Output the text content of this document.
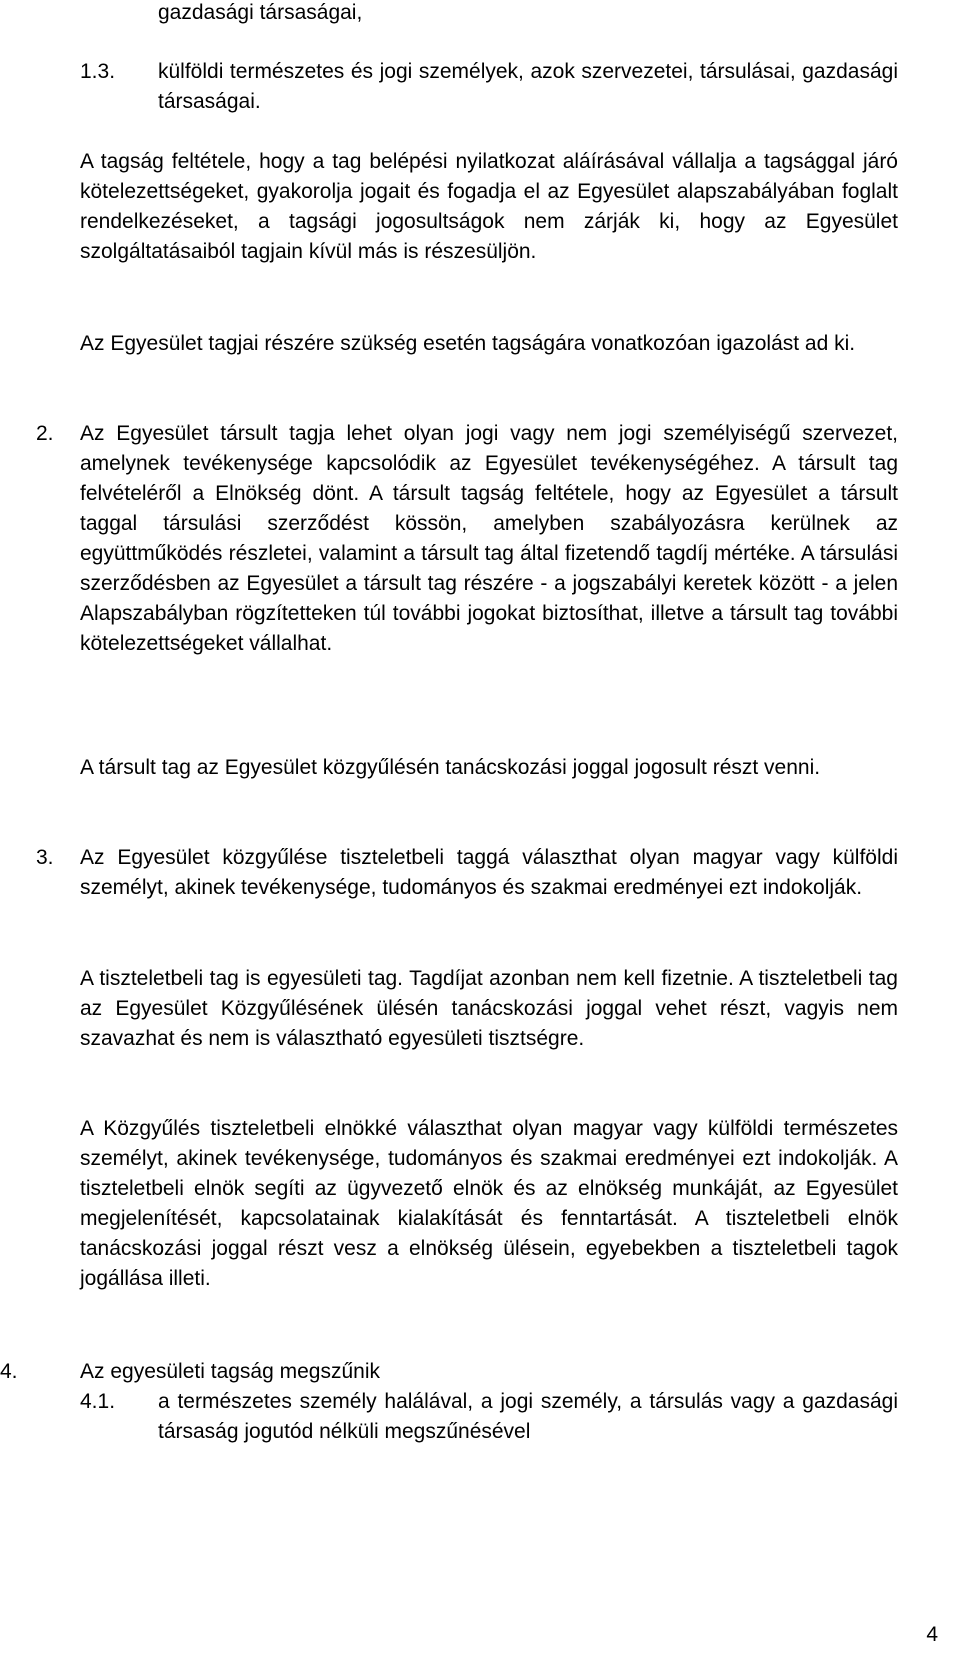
gazdasági társaságai,

1.3. külföldi természetes és jogi személyek, azok szervezetei, társulásai, gazdasági társaságai.

A tagság feltétele, hogy a tag belépési nyilatkozat aláírásával vállalja a tagsággal járó kötelezettségeket, gyakorolja jogait és fogadja el az Egyesület alapszabályában foglalt rendelkezéseket, a tagsági jogosultságok nem zárják ki, hogy az Egyesület szolgáltatásaiból tagjain kívül más is részesüljön.

Az Egyesület tagjai részére szükség esetén tagságára vonatkozóan igazolást ad ki.

2. Az Egyesület társult tagja lehet olyan jogi vagy nem jogi személyiségű szervezet, amelynek tevékenysége kapcsolódik az Egyesület tevékenységéhez. A társult tag felvételéről a Elnökség dönt. A társult tagság feltétele, hogy az Egyesület a társult taggal társulási szerződést kössön, amelyben szabályozásra kerülnek az együttműködés részletei, valamint a társult tag által fizetendő tagdíj mértéke. A társulási szerződésben az Egyesület a társult tag részére - a jogszabályi keretek között - a jelen Alapszabályban rögzítetteken túl további jogokat biztosíthat, illetve a társult tag további kötelezettségeket vállalhat.

A társult tag az Egyesület közgyűlésén tanácskozási joggal jogosult részt venni.

3. Az Egyesület közgyűlése tiszteletbeli taggá választhat olyan magyar vagy külföldi személyt, akinek tevékenysége, tudományos és szakmai eredményei ezt indokolják.

A tiszteletbeli tag is egyesületi tag. Tagdíjat azonban nem kell fizetnie. A tiszteletbeli tag az Egyesület Közgyűlésének ülésén tanácskozási joggal vehet részt, vagyis nem szavazhat és nem is választható egyesületi tisztségre.

A Közgyűlés tiszteletbeli elnökké választhat olyan magyar vagy külföldi természetes személyt, akinek tevékenysége, tudományos és szakmai eredményei ezt indokolják. A tiszteletbeli elnök segíti az ügyvezető elnök és az elnökség munkáját, az Egyesület megjelenítését, kapcsolatainak kialakítását és fenntartását. A tiszteletbeli elnök tanácskozási joggal részt vesz a elnökség ülésein, egyebekben a tiszteletbeli tagok jogállása illeti.

4.	Az egyesületi tagság megszűnik

4.1. a természetes személy halálával, a jogi személy, a társulás vagy a gazdasági társaság jogutód nélküli megszűnésével

4
